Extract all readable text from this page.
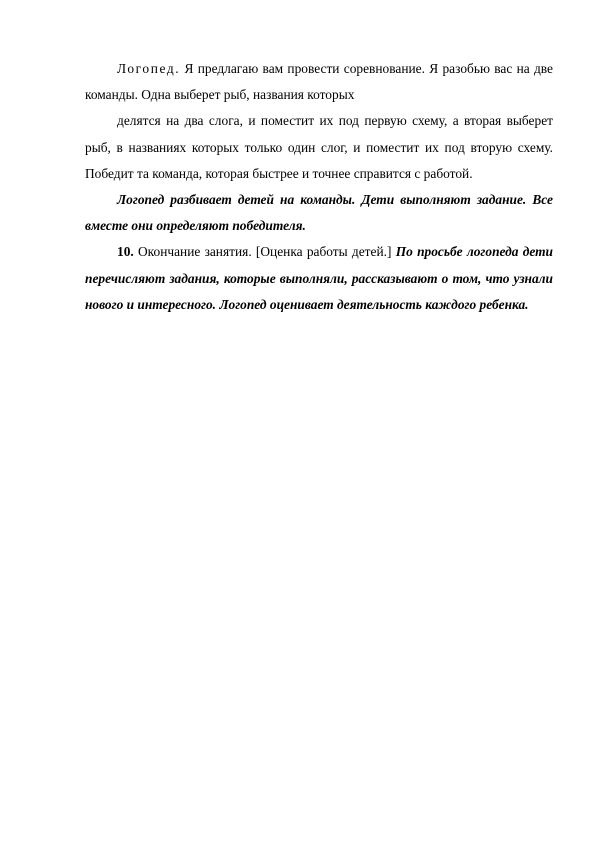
Логопед. Я предлагаю вам провести соревнование. Я разобью вас на две команды. Одна выберет рыб, названия которых

делятся на два слога, и поместит их под первую схему, а вторая выберет рыб, в названиях которых только один слог, и поместит их под вторую схему. Победит та команда, которая быстрее и точнее справится с работой.

Логопед разбивает детей на команды. Дети выполняют задание. Все вместе они определяют победителя.

10. Окончание занятия. [Оценка работы детей.] По просьбе логопеда дети перечисляют задания, которые выполняли, рассказывают о том, что узнали нового и интересного. Логопед оценивает деятельность каждого ребенка.
